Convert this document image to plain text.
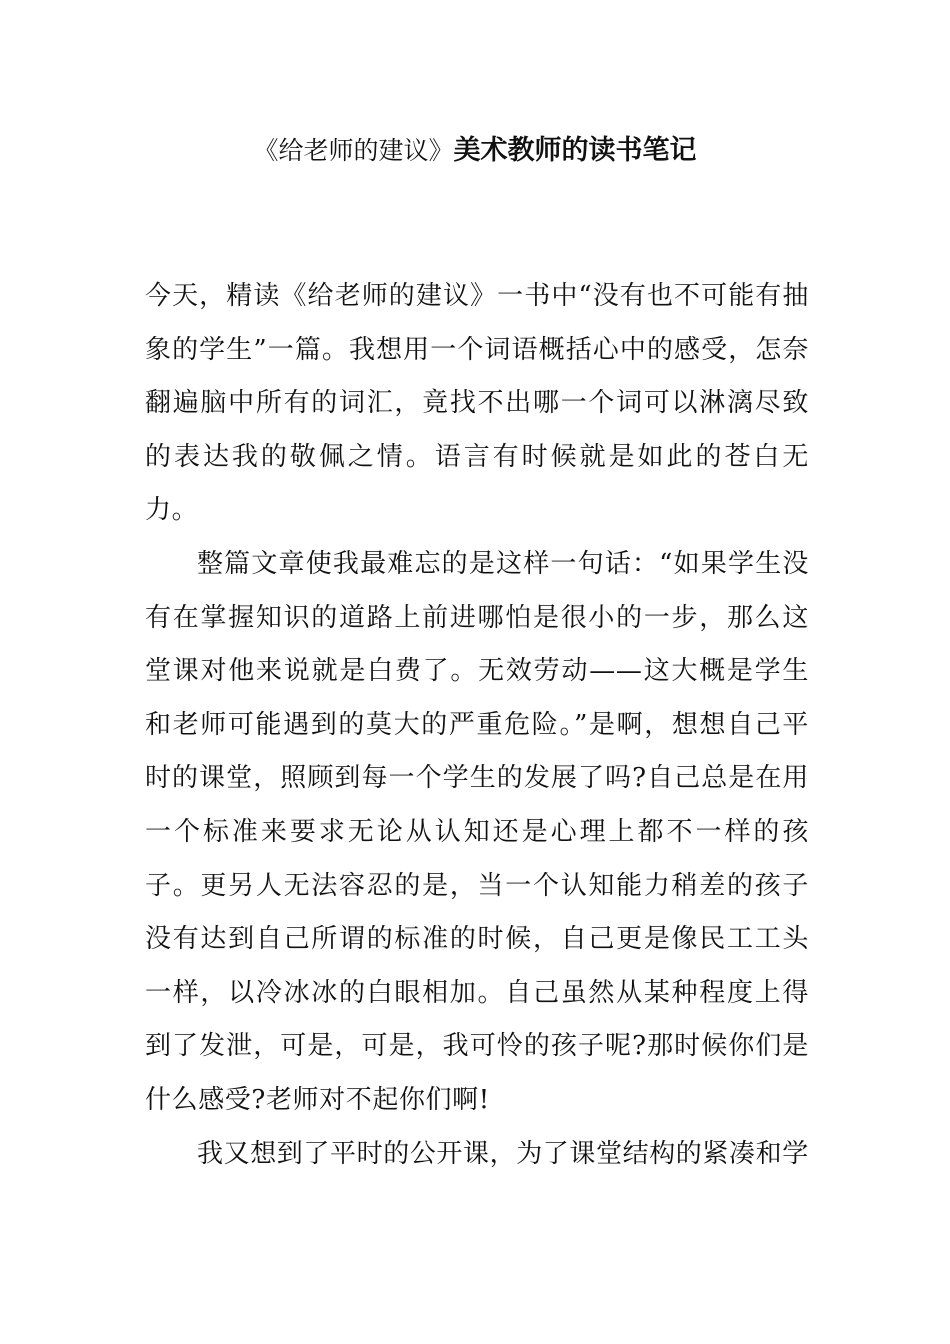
《给老师的建议》美术教师的读书笔记

今天，精读《给老师的建议》一书中“没有也不可能有抽象的学生”一篇。我想用一个词语概括心中的感受，怎奈翻遍脑中所有的词汇，竟找不出哪一个词可以淋漓尽致的表达我的敬佩之情。语言有时候就是如此的苍白无力。

整篇文章使我最难忘的是这样一句话：“如果学生没有在掌握知识的道路上前进哪怕是很小的一步，那么这堂课对他来说就是白费了。无效劳动——这大概是学生和老师可能遇到的莫大的严重危险。”是啊，想想自己平时的课堂，照顾到每一个学生的发展了吗?自己总是在用一个标准来要求无论从认知还是心理上都不一样的孩子。更另人无法容忍的是，当一个认知能力稍差的孩子没有达到自己所谓的标准的时候，自己更是像民工工头一样，以冷冰冰的白眼相加。自己虽然从某种程度上得到了发泄，可是，可是，我可怜的孩子呢?那时候你们是什么感受?老师对不起你们啊!

我又想到了平时的公开课，为了课堂结构的紧凑和学
